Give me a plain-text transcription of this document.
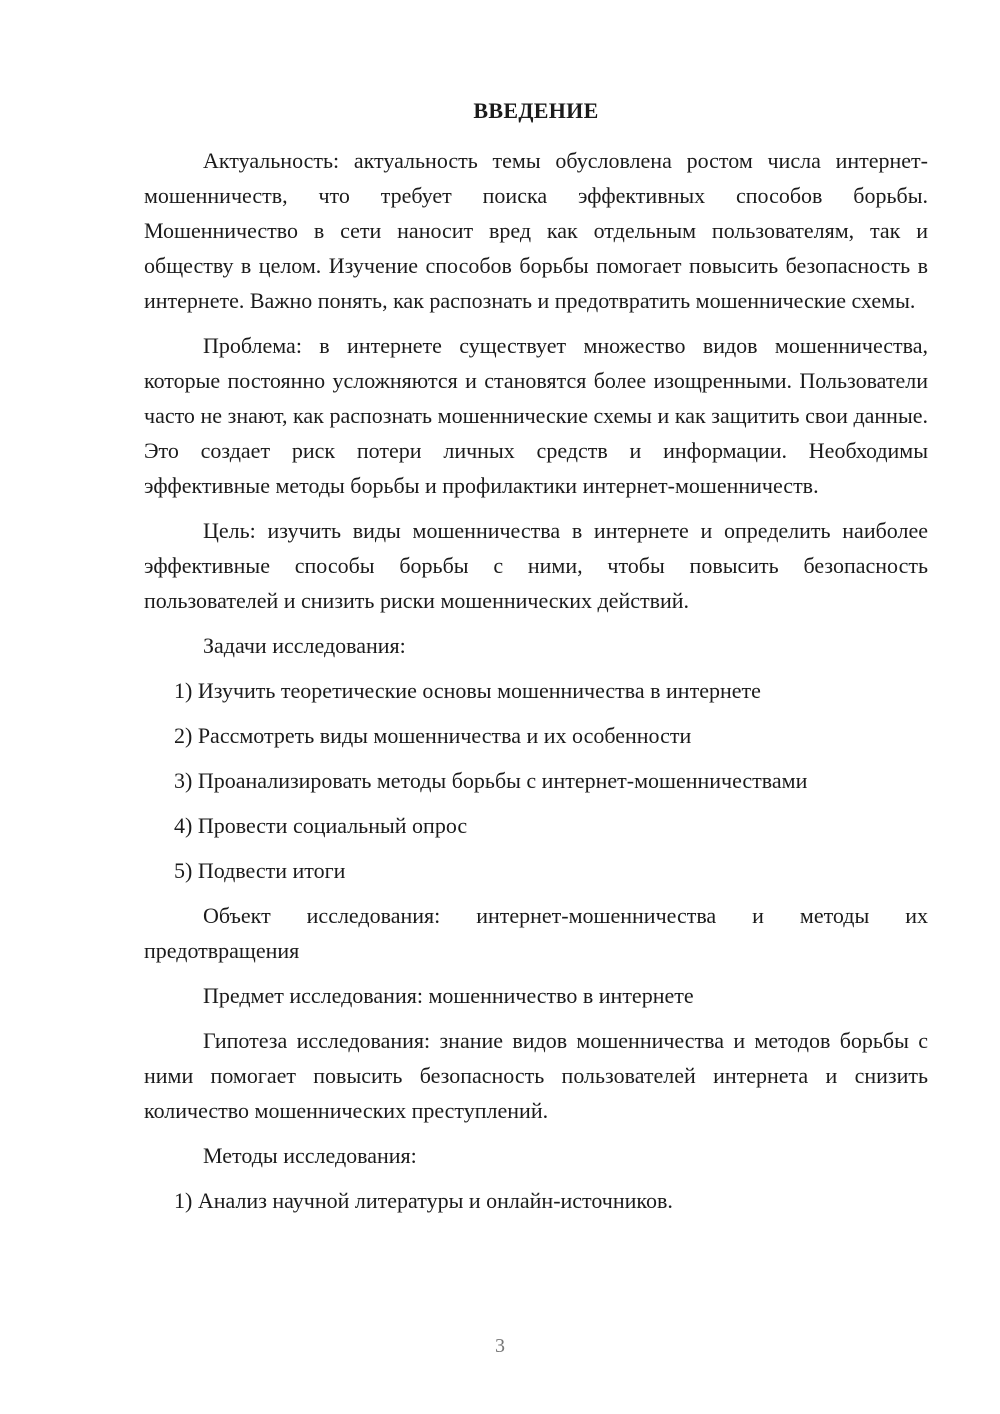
ВВЕДЕНИЕ

Актуальность: актуальность темы обусловлена ростом числа интернет-мошенничеств, что требует поиска эффективных способов борьбы. Мошенничество в сети наносит вред как отдельным пользователям, так и обществу в целом. Изучение способов борьбы помогает повысить безопасность в интернете. Важно понять, как распознать и предотвратить мошеннические схемы.

Проблема: в интернете существует множество видов мошенничества, которые постоянно усложняются и становятся более изощренными. Пользователи часто не знают, как распознать мошеннические схемы и как защитить свои данные. Это создает риск потери личных средств и информации. Необходимы эффективные методы борьбы и профилактики интернет-мошенничеств.

Цель: изучить виды мошенничества в интернете и определить наиболее эффективные способы борьбы с ними, чтобы повысить безопасность пользователей и снизить риски мошеннических действий.

Задачи исследования:

1) Изучить теоретические основы мошенничества в интернете
2) Рассмотреть виды мошенничества и их особенности
3) Проанализировать методы борьбы с интернет-мошенничествами
4) Провести социальный опрос
5) Подвести итоги

Объект исследования: интернет-мошенничества и методы их предотвращения

Предмет исследования: мошенничество в интернете

Гипотеза исследования: знание видов мошенничества и методов борьбы с ними помогает повысить безопасность пользователей интернета и снизить количество мошеннических преступлений.

Методы исследования:

1) Анализ научной литературы и онлайн-источников.
3
